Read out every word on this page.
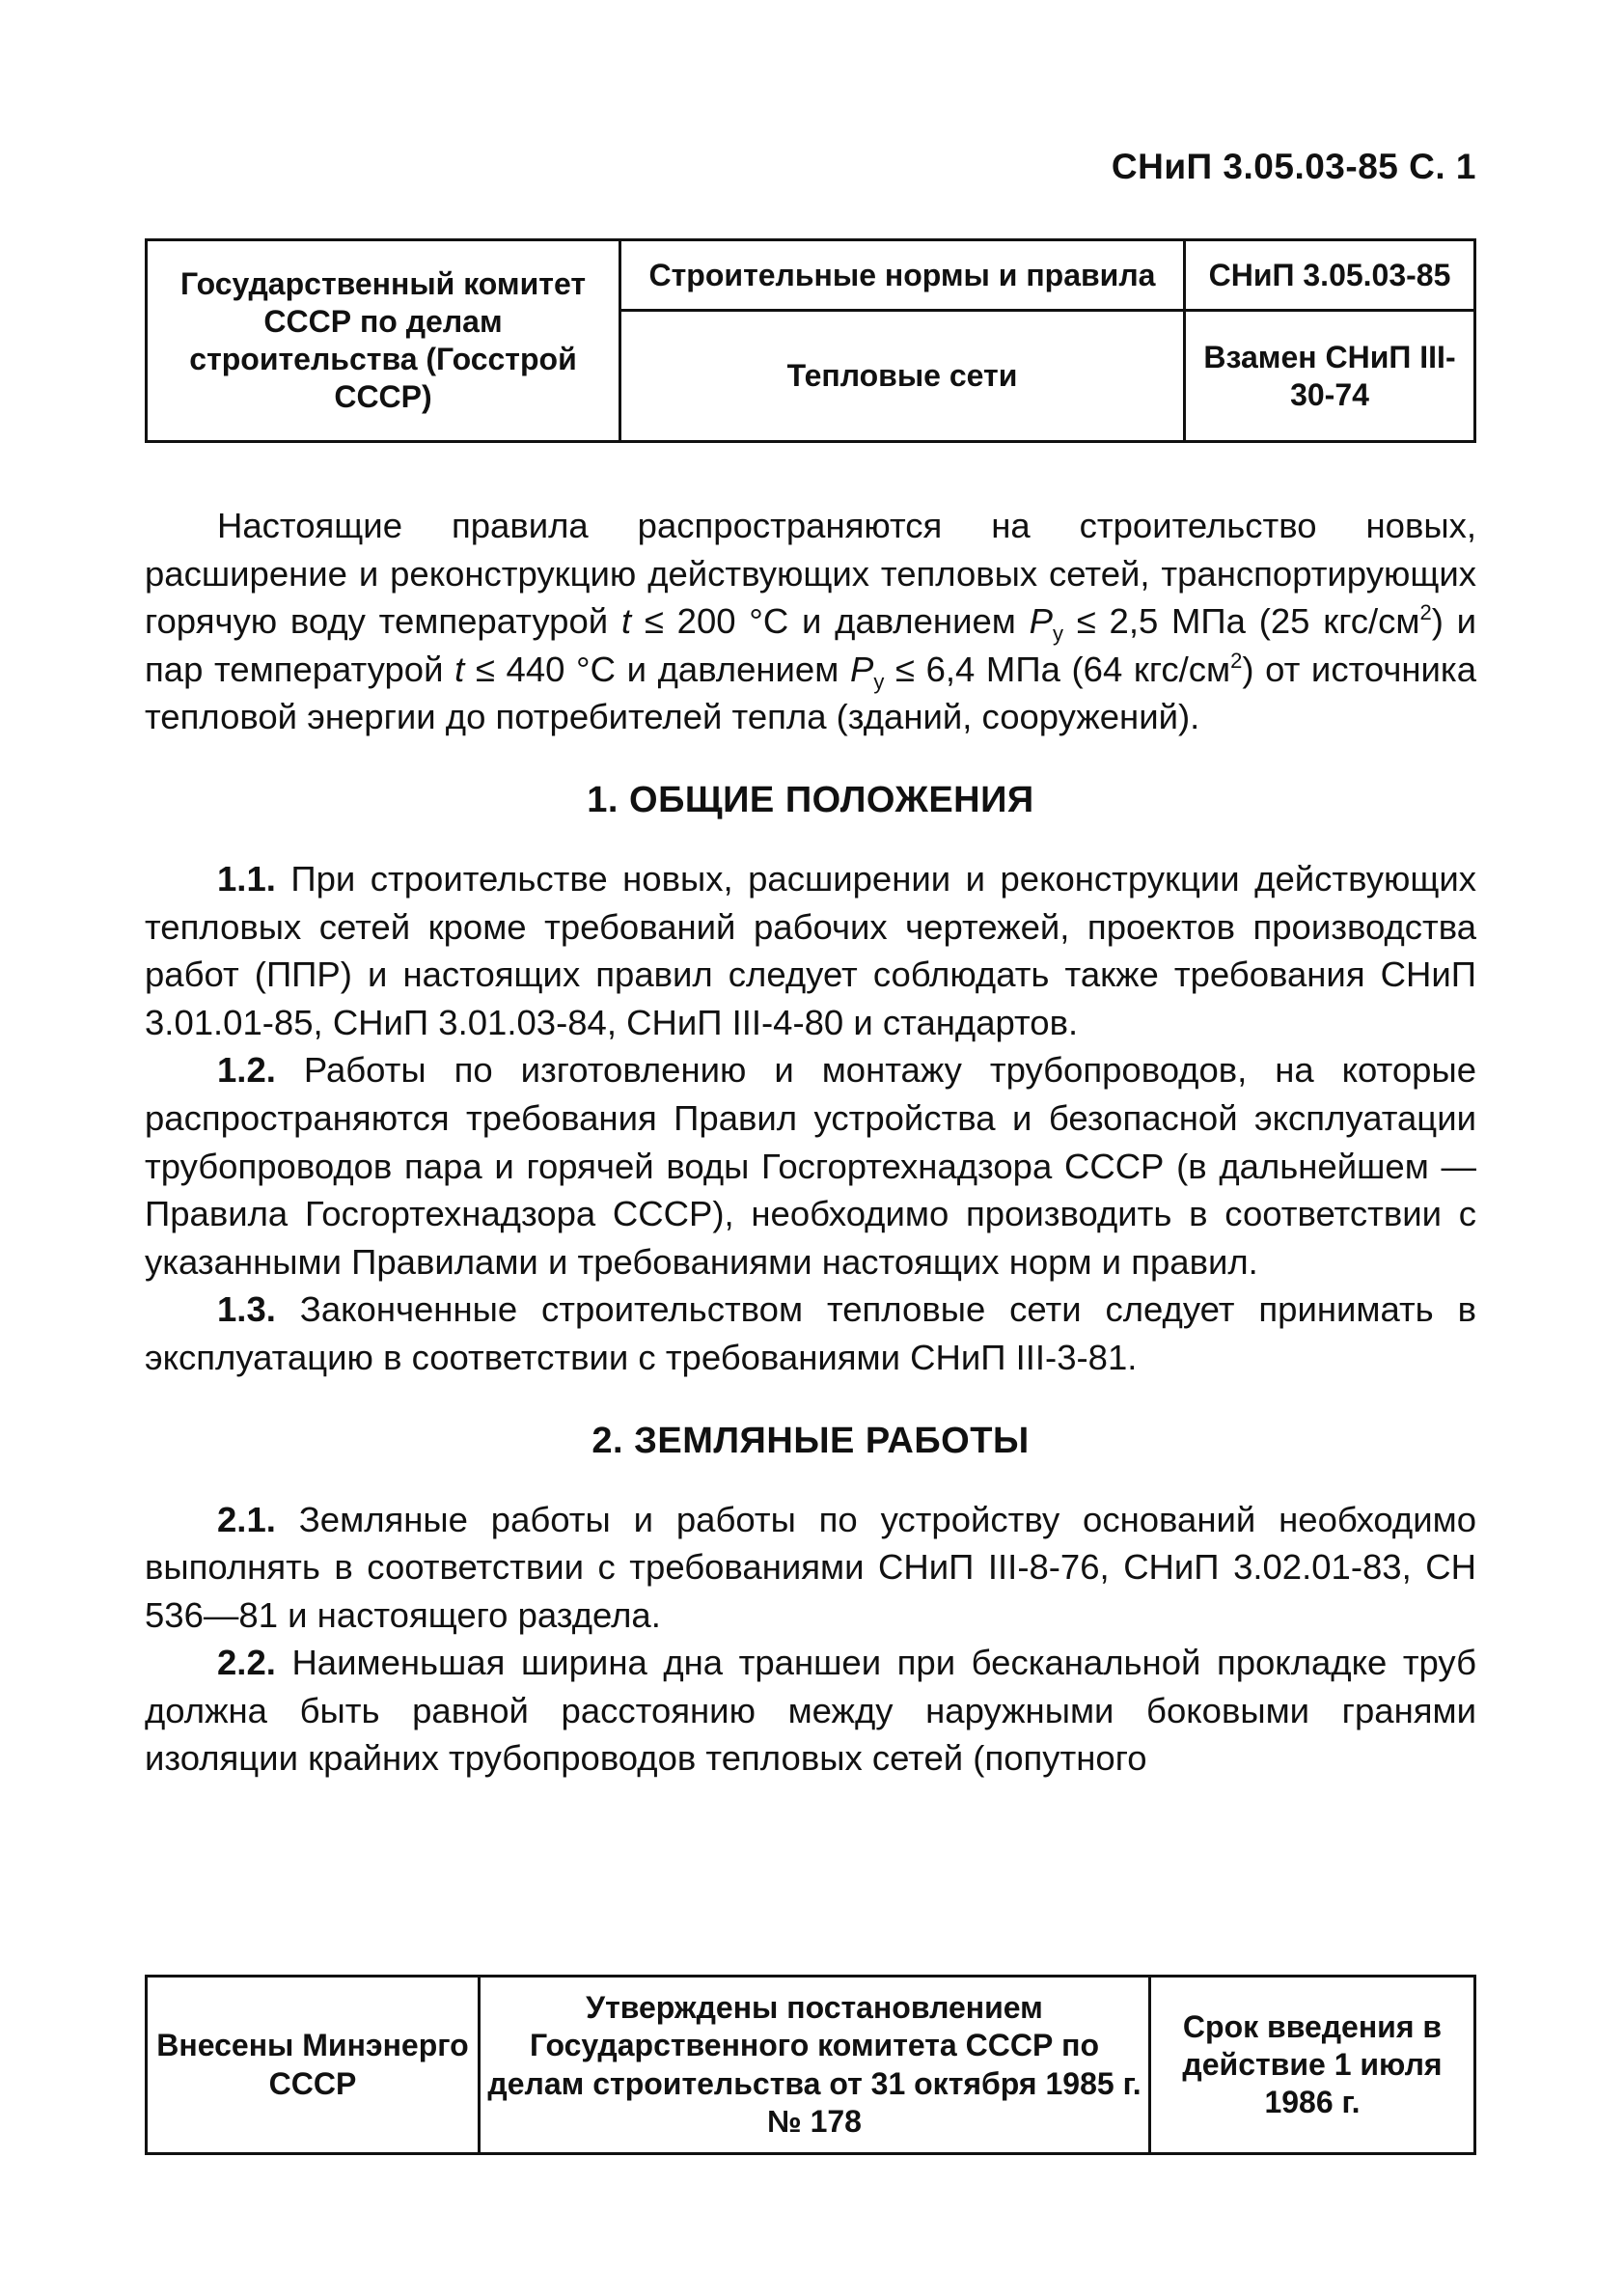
СНиП 3.05.03-85 С. 1
Государственный комитет СССР по делам строительства (Госстрой СССР)	Строительные нормы и правила	СНиП 3.05.03-85
	Тепловые сети	Взамен СНиП III-30-74

Настоящие правила распространяются на строительство новых, расширение и реконструкцию действующих тепловых сетей, транспортирующих горячую воду температурой t ≤ 200 °С и давлением $P_у \le 2,5$ МПа (25 кгс/$см^2$) и пар температурой t ≤ 440 °С и давлением $P_у \le 6,4$ МПа (64 кгс/$см^2$) от источника тепловой энергии до потребителей тепла (зданий, сооружений).

1. ОБЩИЕ ПОЛОЖЕНИЯ

1.1. При строительстве новых, расширении и реконструкции действующих тепловых сетей кроме требований рабочих чертежей, проектов производства работ (ППР) и настоящих правил следует соблюдать также требования СНиП 3.01.01-85, СНиП 3.01.03-84, СНиП III-4-80 и стандартов.

1.2. Работы по изготовлению и монтажу трубопроводов, на которые распространяются требования Правил устройства и безопасной эксплуатации трубопроводов пара и горячей воды Госгортехнадзора СССР (в дальнейшем — Правила Госгортехнадзора СССР), необходимо производить в соответствии с указанными Правилами и требованиями настоящих норм и правил.

1.3. Законченные строительством тепловые сети следует принимать в эксплуатацию в соответствии с требованиями СНиП III-3-81.

2. ЗЕМЛЯНЫЕ РАБОТЫ

2.1. Земляные работы и работы по устройству оснований необходимо выполнять в соответствии с требованиями СНиП III-8-76, СНиП 3.02.01-83, СН 536—81 и настоящего раздела.

2.2. Наименьшая ширина дна траншеи при бесканальной прокладке труб должна быть равной расстоянию между наружными боковыми гранями изоляции крайних трубопроводов тепловых сетей (попутного

Внесены Минэнерго СССР	Утверждены постановлением Государственного комитета СССР по делам строительства от 31 октября 1985 г. № 178	Срок введения в действие 1 июля 1986 г.
